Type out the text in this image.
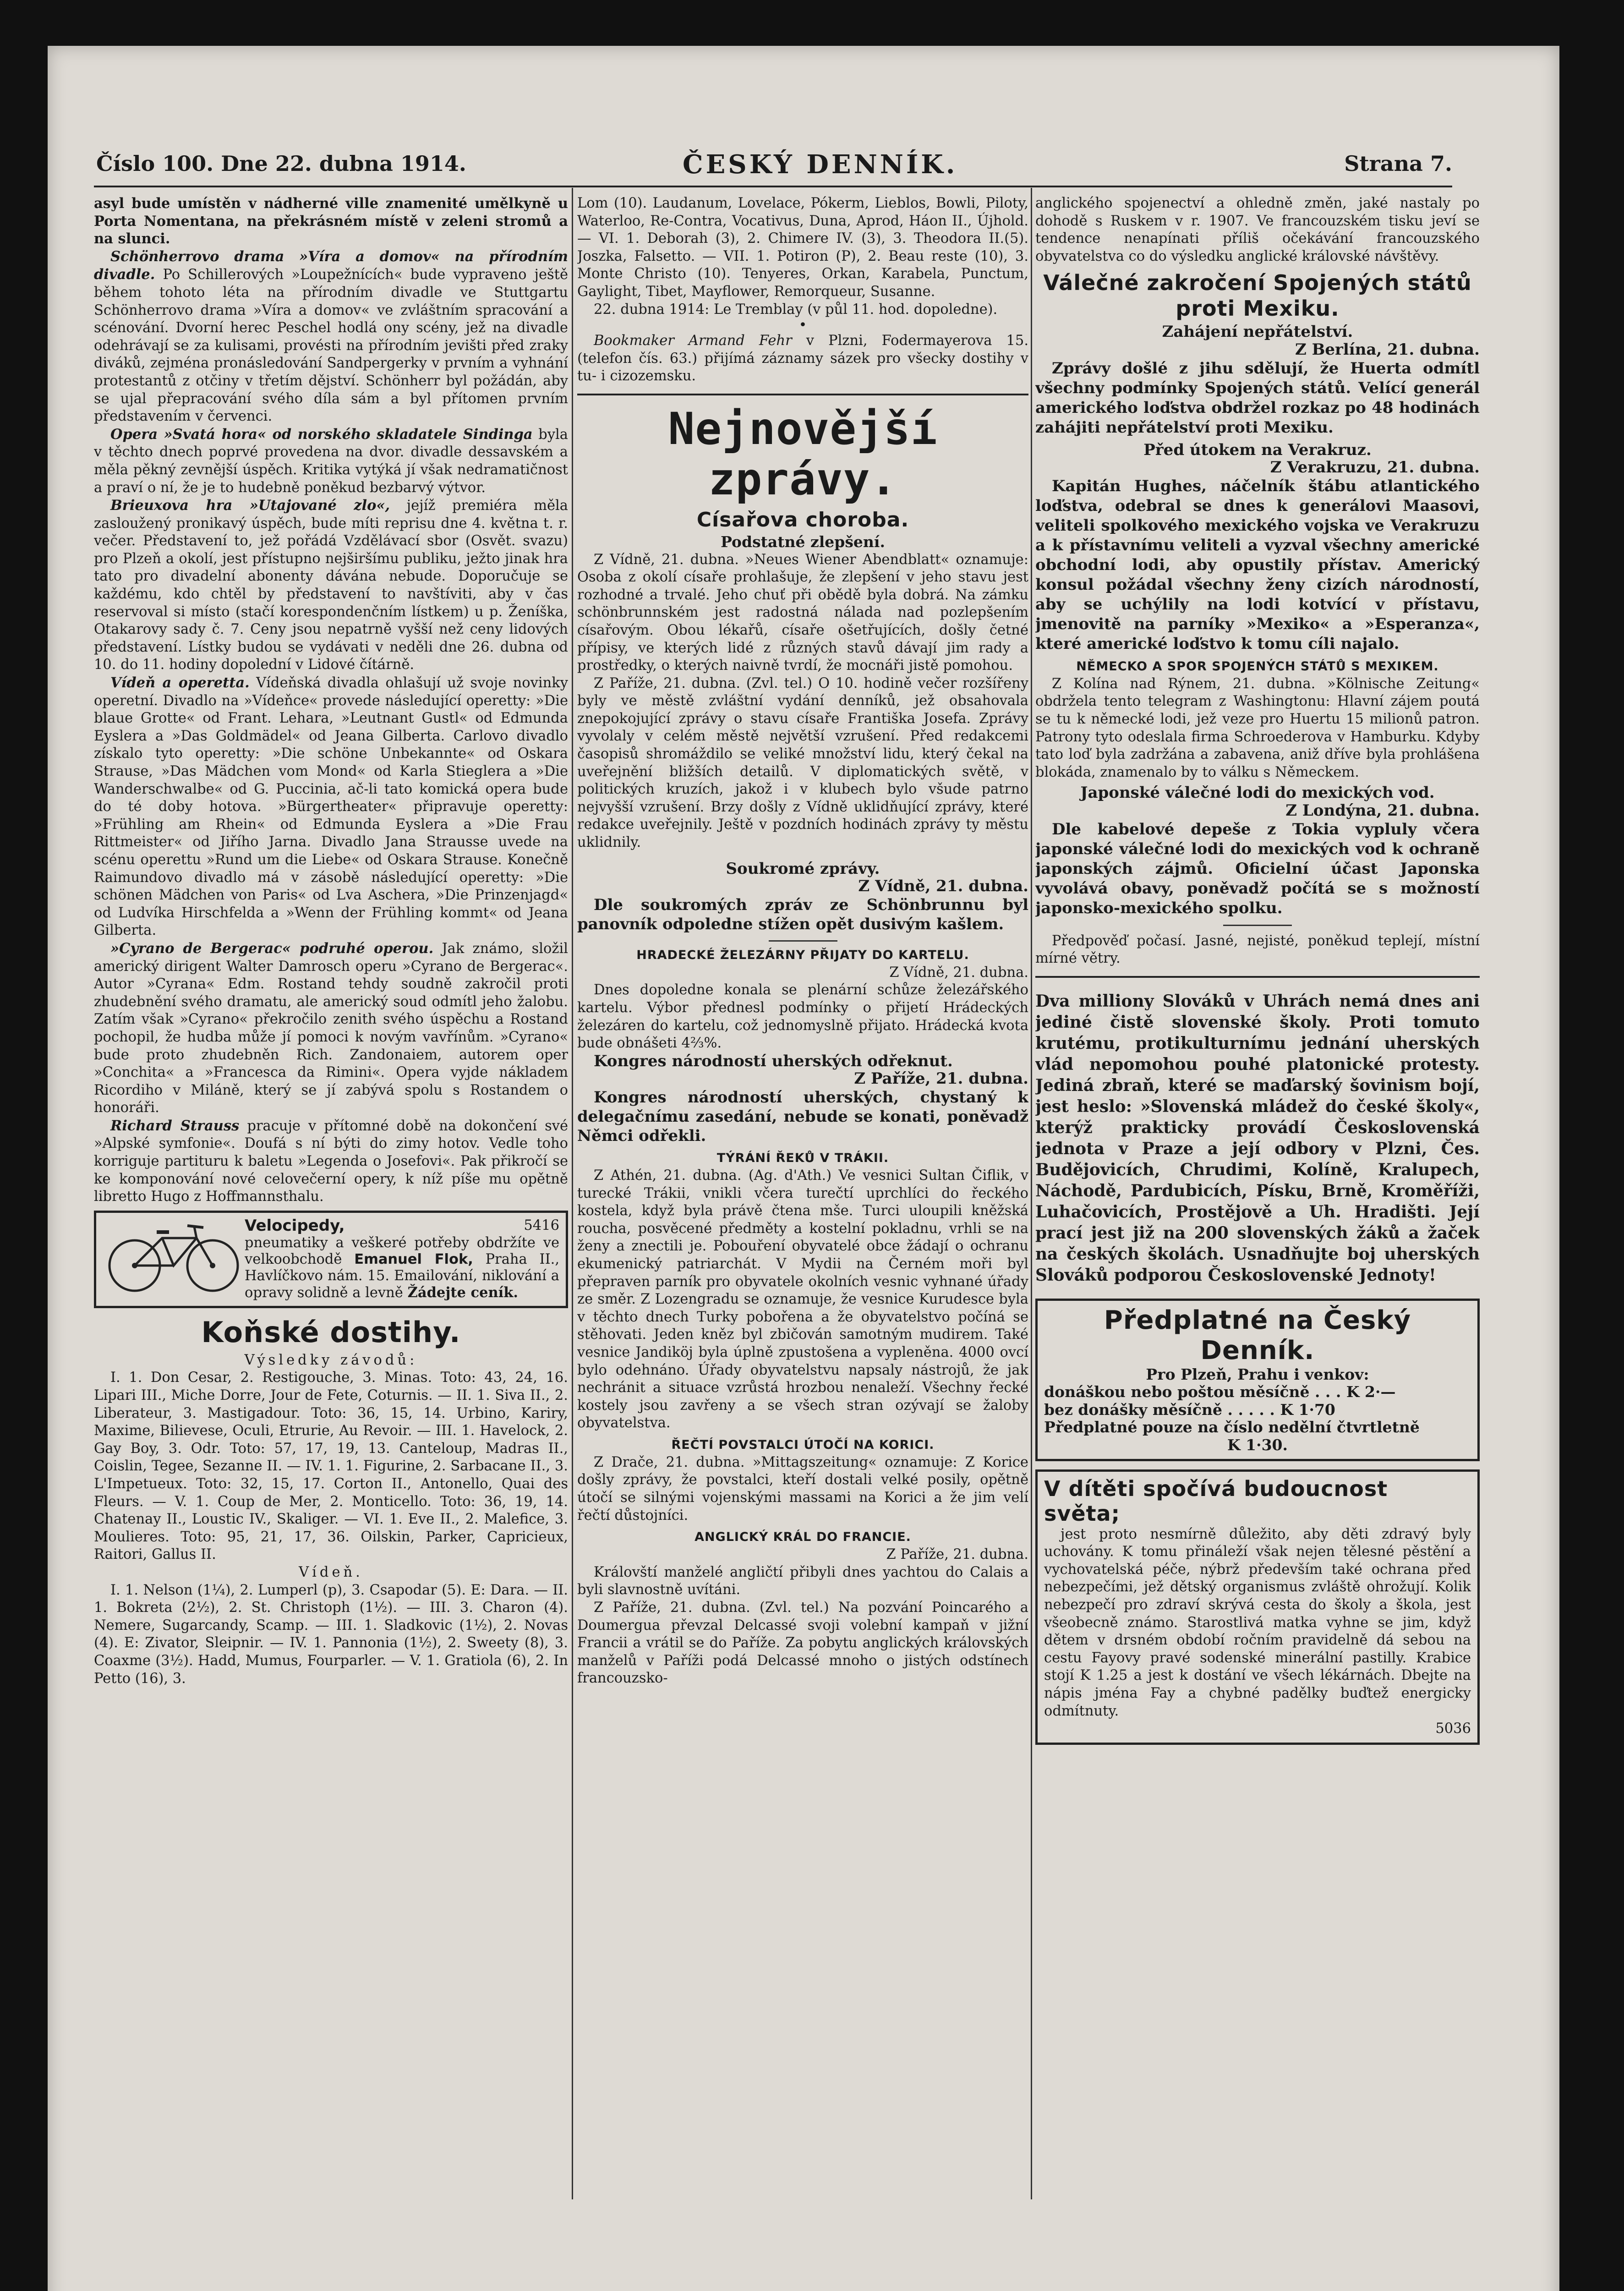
Číslo 100. Dne 22. dubna 1914.	ČESKÝ DENNÍK.	Strana 7.

asyl bude umístěn v nádherné ville znamenité umělkyně u Porta Nomentana, na překrásném místě v zeleni stromů a na slunci.

Schönherrovo drama »Víra a domov« na přírodním divadle. Po Schillerových »Loupežnících« bude vypraveno ještě během tohoto léta na přírodním divadle ve Stuttgartu Schönherrovo drama »Víra a domov« ve zvláštním spracování a scénování. Dvorní herec Peschel hodlá ony scény, jež na divadle odehrávají se za kulisami, provésti na přírodním jevišti před zraky diváků, zejména pronásledování Sandpergerky v prvním a vyhnání protestantů z otčiny v třetím dějství. Schönherr byl požádán, aby se ujal přepracování svého díla sám a byl přítomen prvním představením v červenci.

Opera »Svatá hora« od norského skladatele Sindinga byla v těchto dnech poprvé provedena na dvor. divadle dessavském a měla pěkný zevnější úspěch. Kritika vytýká jí však nedramatičnost a praví o ní, že je to hudebně poněkud bezbarvý výtvor.

Brieuxova hra »Utajované zlo«, jejíž premiéra měla zasloužený pronikavý úspěch, bude míti reprisu dne 4. května t. r. večer. Představení to, jež pořádá Vzdělávací sbor (Osvět. svazu) pro Plzeň a okolí, jest přístupno nejširšímu publiku, ježto jinak hra tato pro divadelní abonenty dávána nebude. Doporučuje se každému, kdo chtěl by představení to navštíviti, aby v čas reservoval si místo (stačí korespondenčním lístkem) u p. Ženíška, Otakarovy sady č. 7. Ceny jsou nepatrně vyšší než ceny lidových představení. Lístky budou se vydávati v neděli dne 26. dubna od 10. do 11. hodiny dopolední v Lidové čítárně.

Vídeň a operetta. Vídeňská divadla ohlašují už svoje novinky operetní. Divadlo na »Vídeňce« provede následující operetty: »Die blaue Grotte« od Frant. Lehara, »Leutnant Gustl« od Edmunda Eyslera a »Das Goldmädel« od Jeana Gilberta. Carlovo divadlo získalo tyto operetty: »Die schöne Unbekannte« od Oskara Strause, »Das Mädchen vom Mond« od Karla Stieglera a »Die Wanderschwalbe« od G. Puccinia, ač-li tato komická opera bude do té doby hotova. »Bürgertheater« připravuje operetty: »Frühling am Rhein« od Edmunda Eyslera a »Die Frau Rittmeister« od Jiřího Jarna. Divadlo Jana Strausse uvede na scénu operettu »Rund um die Liebe« od Oskara Strause. Konečně Raimundovo divadlo má v zásobě následující operetty: »Die schönen Mädchen von Paris« od Lva Aschera, »Die Prinzenjagd« od Ludvíka Hirschfelda a »Wenn der Frühling kommt« od Jeana Gilberta.

»Cyrano de Bergerac« podruhé operou. Jak známo, složil americký dirigent Walter Damrosch operu »Cyrano de Bergerac«. Autor »Cyrana« Edm. Rostand tehdy soudně zakročil proti zhudebnění svého dramatu, ale americký soud odmítl jeho žalobu. Zatím však »Cyrano« překročilo zenith svého úspěchu a Rostand pochopil, že hudba může jí pomoci k novým vavřínům. »Cyrano« bude proto zhudebněn Rich. Zandonaiem, autorem oper »Conchita« a »Francesca da Rimini«. Opera vyjde nákladem Ricordiho v Miláně, který se jí zabývá spolu s Rostandem o honoráři.

Richard Strauss pracuje v přítomné době na dokončení své »Alpské symfonie«. Doufá s ní býti do zimy hotov. Vedle toho korriguje partituru k baletu »Legenda o Josefovi«. Pak přikročí se ke komponování nové celovečerní opery, k níž píše mu opětně libretto Hugo z Hoffmannsthalu.

Velocipedy,	5416

pneumatiky a veškeré potřeby obdržíte ve velkoobchodě Emanuel Flok, Praha II., Havlíčkovo nám. 15. Emailování, niklování a opravy solidně a levně Žádejte ceník.

Koňské dostihy.

Výsledky závodů:

I. 1. Don Cesar, 2. Restigouche, 3. Minas. Toto: 43, 24, 16. Lipari III., Miche Dorre, Jour de Fete, Coturnis. — II. 1. Siva II., 2. Liberateur, 3. Mastigadour. Toto: 36, 15, 14. Urbino, Kariry, Maxime, Bilievese, Oculi, Etrurie, Au Revoir. — III. 1. Havelock, 2. Gay Boy, 3. Odr. Toto: 57, 17, 19, 13. Canteloup, Madras II., Coislin, Tegee, Sezanne II. — IV. 1. 1. Figurine, 2. Sarbacane II., 3. L'Impetueux. Toto: 32, 15, 17. Corton II., Antonello, Quai des Fleurs. — V. 1. Coup de Mer, 2. Monticello. Toto: 36, 19, 14. Chatenay II., Loustic IV., Skaliger. — VI. 1. Eve II., 2. Malefice, 3. Moulieres. Toto: 95, 21, 17, 36. Oilskin, Parker, Capricieux, Raitori, Gallus II.

Vídeň.

I. 1. Nelson (1¼), 2. Lumperl (p), 3. Csapodar (5). E: Dara. — II. 1. Bokreta (2½), 2. St. Christoph (1½). — III. 3. Charon (4). Nemere, Sugarcandy, Scamp. — III. 1. Sladkovic (1½), 2. Novas (4). E: Zivator, Sleipnir. — IV. 1. Pannonia (1½), 2. Sweety (8), 3. Coaxme (3½). Hadd, Mumus, Fourparler. — V. 1. Gratiola (6), 2. In Petto (16), 3.

Lom (10). Laudanum, Lovelace, Pókerm, Lieblos, Bowli, Piloty, Waterloo, Re-Contra, Vocativus, Duna, Aprod, Háon II., Újhold. — VI. 1. Deborah (3), 2. Chimere IV. (3), 3. Theodora II.(5). Joszka, Falsetto. — VII. 1. Potiron (P), 2. Beau reste (10), 3. Monte Christo (10). Tenyeres, Orkan, Karabela, Punctum, Gaylight, Tibet, Mayflower, Remorqueur, Susanne.

22. dubna 1914: Le Tremblay (v půl 11. hod. dopoledne).

•

Bookmaker Armand Fehr v Plzni, Fodermayerova 15. (telefon čís. 63.) přijímá záznamy sázek pro všecky dostihy v tu- i cizozemsku.

Nejnovější zprávy.
Císařova choroba.

Podstatné zlepšení.

Z Vídně, 21. dubna. »Neues Wiener Abendblatt« oznamuje: Osoba z okolí císaře prohlašuje, že zlepšení v jeho stavu jest rozhodné a trvalé. Jeho chuť při obědě byla dobrá. Na zámku schönbrunnském jest radostná nálada nad pozlepšením císařovým. Obou lékařů, císaře ošetřujících, došly četné přípisy, ve kterých lidé z různých stavů dávají jim rady a prostředky, o kterých naivně tvrdí, že mocnáři jistě pomohou.

Z Paříže, 21. dubna. (Zvl. tel.) O 10. hodině večer rozšířeny byly ve městě zvláštní vydání denníků, jež obsahovala znepokojující zprávy o stavu císaře Františka Josefa. Zprávy vyvolaly v celém městě největší vzrušení. Před redakcemi časopisů shromáždilo se veliké množství lidu, který čekal na uveřejnění bližších detailů. V diplomatických světě, v politických kruzích, jakož i v klubech bylo všude patrno nejvyšší vzrušení. Brzy došly z Vídně uklidňující zprávy, které redakce uveřejnily. Ještě v pozdních hodinách zprávy ty městu uklidnily.

Soukromé zprávy.

Z Vídně, 21. dubna.

Dle soukromých zpráv ze Schönbrunnu byl panovník odpoledne stížen opět dusivým kašlem.

HRADECKÉ ŽELEZÁRNY PŘIJATY DO KARTELU.

Z Vídně, 21. dubna.

Dnes dopoledne konala se plenární schůze železářského kartelu. Výbor přednesl podmínky o přijetí Hrádeckých železáren do kartelu, což jednomyslně přijato. Hrádecká kvota bude obnášeti 4⅔%.

Kongres národností uherských odřeknut.

Z Paříže, 21. dubna.

Kongres národností uherských, chystaný k delegačnímu zasedání, nebude se konati, poněvadž Němci odřekli.

TÝRÁNÍ ŘEKŮ V TRÁKII.

Z Athén, 21. dubna. (Ag. d'Ath.) Ve vesnici Sultan Čiflik, v turecké Trákii, vnikli včera turečtí uprchlíci do řeckého kostela, když byla právě čtena mše. Turci uloupili kněžská roucha, posvěcené předměty a kostelní pokladnu, vrhli se na ženy a znectili je. Pobouření obyvatelé obce žádají o ochranu ekumenický patriarchát. V Mydii na Černém moři byl přepraven parník pro obyvatele okolních vesnic vyhnané úřady ze směr. Z Lozengradu se oznamuje, že vesnice Kurudesce byla v těchto dnech Turky pobořena a že obyvatelstvo počíná se stěhovati. Jeden kněz byl zbičován samotným mudirem. Také vesnice Jandiköj byla úplně zpustošena a vypleněna. 4000 ovcí bylo odehnáno. Úřady obyvatelstvu napsaly nástrojů, že jak nechránit a situace vzrůstá hrozbou nenaleží. Všechny řecké kostely jsou zavřeny a se všech stran ozývají se žaloby obyvatelstva.

ŘEČTÍ POVSTALCI ÚTOČÍ NA KORICI.

Z Drače, 21. dubna. »Mittagszeitung« oznamuje: Z Korice došly zprávy, že povstalci, kteří dostali velké posily, opětně útočí se silnými vojenskými massami na Korici a že jim velí řečtí důstojníci.

ANGLICKÝ KRÁL DO FRANCIE.

Z Paříže, 21. dubna.

Královští manželé angličtí přibyli dnes yachtou do Calais a byli slavnostně uvítáni.

Z Paříže, 21. dubna. (Zvl. tel.) Na pozvání Poincarého a Doumergua převzal Delcassé svoji volební kampaň v jižní Francii a vrátil se do Paříže. Za pobytu anglických královských manželů v Paříži podá Delcassé mnoho o jistých odstínech francouzsko-

anglického spojenectví a ohledně změn, jaké nastaly po dohodě s Ruskem v r. 1907. Ve francouzském tisku jeví se tendence nenapínati příliš očekávání francouzského obyvatelstva co do výsledku anglické královské návštěvy.

Válečné zakročení Spojených států proti Mexiku.

Zahájení nepřátelství.

Z Berlína, 21. dubna.

Zprávy došlé z jihu sdělují, že Huerta odmítl všechny podmínky Spojených států. Velící generál amerického loďstva obdržel rozkaz po 48 hodinách zahájiti nepřátelství proti Mexiku.

Před útokem na Verakruz.

Z Verakruzu, 21. dubna.

Kapitán Hughes, náčelník štábu atlantického loďstva, odebral se dnes k generálovi Maasovi, veliteli spolkového mexického vojska ve Verakruzu a k přístavnímu veliteli a vyzval všechny americké obchodní lodi, aby opustily přístav. Americký konsul požádal všechny ženy cizích národností, aby se uchýlily na lodi kotvící v přístavu, jmenovitě na parníky »Mexiko« a »Esperanza«, které americké loďstvo k tomu cíli najalo.

NĚMECKO A SPOR SPOJENÝCH STÁTŮ S MEXIKEM.

Z Kolína nad Rýnem, 21. dubna. »Kölnische Zeitung« obdržela tento telegram z Washingtonu: Hlavní zájem poutá se tu k německé lodi, jež veze pro Huertu 15 milionů patron. Patrony tyto odeslala firma Schroederova v Hamburku. Kdyby tato loď byla zadržána a zabavena, aniž dříve byla prohlášena blokáda, znamenalo by to válku s Německem.

Japonské válečné lodi do mexických vod.

Z Londýna, 21. dubna.

Dle kabelové depeše z Tokia vypluly včera japonské válečné lodi do mexických vod k ochraně japonských zájmů. Oficielní účast Japonska vyvolává obavy, poněvadž počítá se s možností japonsko-mexického spolku.

Předpověď počasí. Jasné, nejisté, poněkud teplejí, místní mírné větry.

Dva milliony Slováků v Uhrách nemá dnes ani jediné čistě slovenské školy. Proti tomuto krutému, protikulturnímu jednání uherských vlád nepomohou pouhé platonické protesty. Jediná zbraň, které se maďarský šovinism bojí, jest heslo: »Slovenská mládež do české školy«, kterýž prakticky provádí Československá jednota v Praze a její odbory v Plzni, Čes. Budějovicích, Chrudimi, Kolíně, Kralupech, Náchodě, Pardubicích, Písku, Brně, Kroměříži, Luhačovicích, Prostějově a Uh. Hradišti. Její prací jest již na 200 slovenských žáků a žaček na českých školách. Usnadňujte boj uherských Slováků podporou Československé Jednoty!

Předplatné na Český Denník.

Pro Plzeň, Prahu i venkov:

donáškou nebo poštou měsíčně . . . K 2·—

bez donášky měsíčně . . . . . K 1·70

Předplatné pouze na číslo nedělní čtvrtletně

K 1·30.

V dítěti spočívá budoucnost světa;

jest proto nesmírně důležito, aby děti zdravý byly uchovány. K tomu přináleží však nejen tělesné pěstění a vychovatelská péče, nýbrž především také ochrana před nebezpečími, jež dětský organismus zvláště ohrožují. Kolik nebezpečí pro zdraví skrývá cesta do školy a škola, jest všeobecně známo. Starostlivá matka vyhne se jim, když dětem v drsném období ročním pravidelně dá sebou na cestu Fayovy pravé sodenské minerální pastilly. Krabice stojí K 1.25 a jest k dostání ve všech lékárnách. Dbejte na nápis jména Fay a chybné padělky buďtež energicky odmítnuty.

5036
